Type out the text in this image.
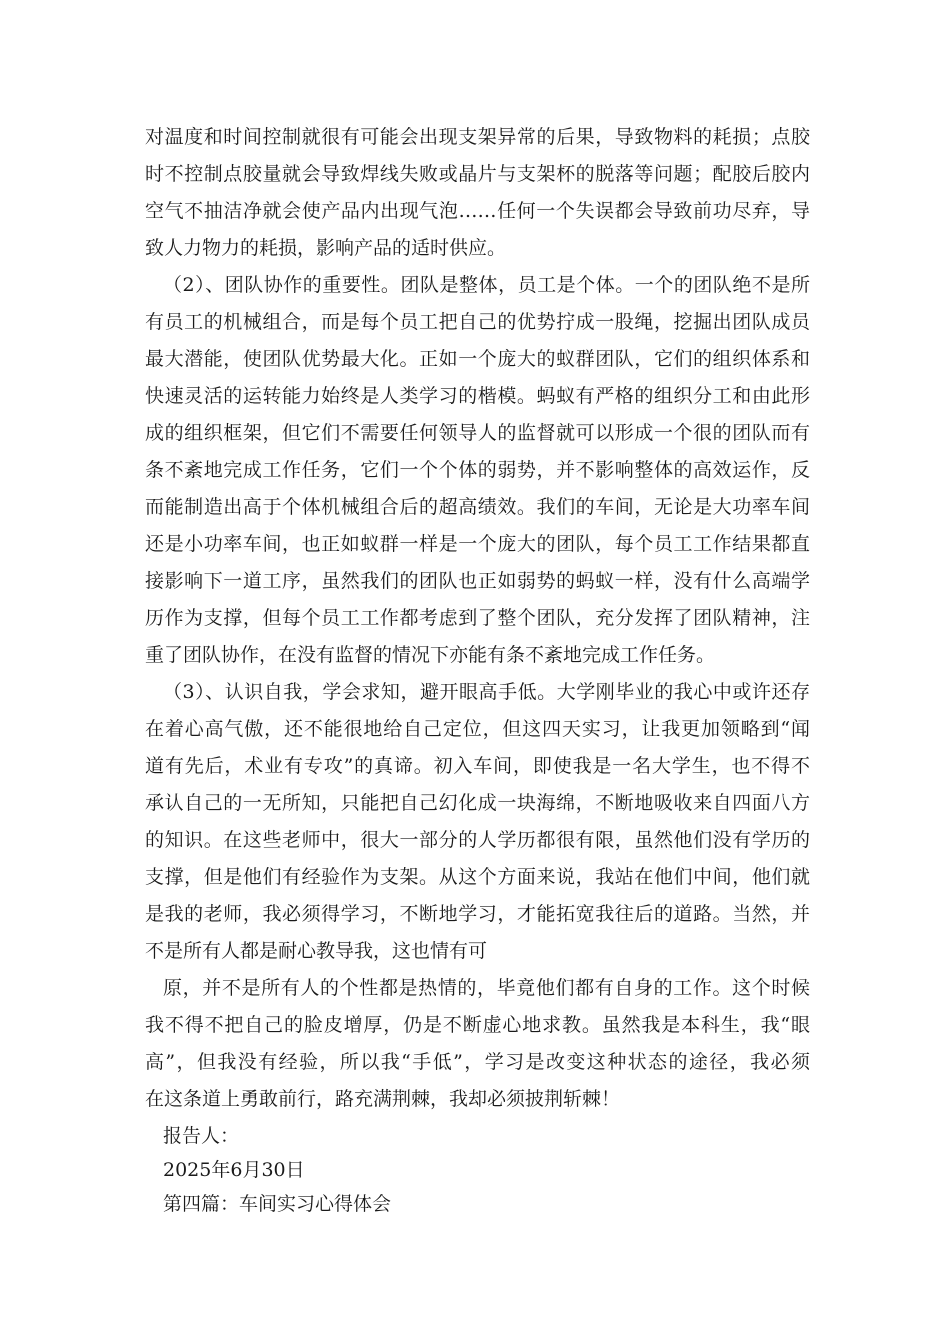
对温度和时间控制就很有可能会出现支架异常的后果，导致物料的耗损；点胶
时不控制点胶量就会导致焊线失败或晶片与支架杯的脱落等问题；配胶后胶内
空气不抽洁净就会使产品内出现气泡……任何一个失误都会导致前功尽弃，导
致人力物力的耗损，影响产品的适时供应。
（2）、团队协作的重要性。团队是整体，员工是个体。一个的团队绝不是所
有员工的机械组合，而是每个员工把自己的优势拧成一股绳，挖掘出团队成员
最大潜能，使团队优势最大化。正如一个庞大的蚁群团队，它们的组织体系和
快速灵活的运转能力始终是人类学习的楷模。蚂蚁有严格的组织分工和由此形
成的组织框架，但它们不需要任何领导人的监督就可以形成一个很的团队而有
条不紊地完成工作任务，它们一个个体的弱势，并不影响整体的高效运作，反
而能制造出高于个体机械组合后的超高绩效。我们的车间，无论是大功率车间
还是小功率车间，也正如蚁群一样是一个庞大的团队，每个员工工作结果都直
接影响下一道工序，虽然我们的团队也正如弱势的蚂蚁一样，没有什么高端学
历作为支撑，但每个员工工作都考虑到了整个团队，充分发挥了团队精神，注
重了团队协作，在没有监督的情况下亦能有条不紊地完成工作任务。
（3）、认识自我，学会求知，避开眼高手低。大学刚毕业的我心中或许还存
在着心高气傲，还不能很地给自己定位，但这四天实习，让我更加领略到“闻
道有先后，术业有专攻”的真谛。初入车间，即使我是一名大学生，也不得不
承认自己的一无所知，只能把自己幻化成一块海绵，不断地吸收来自四面八方
的知识。在这些老师中，很大一部分的人学历都很有限，虽然他们没有学历的
支撑，但是他们有经验作为支架。从这个方面来说，我站在他们中间，他们就
是我的老师，我必须得学习，不断地学习，才能拓宽我往后的道路。当然，并
不是所有人都是耐心教导我，这也情有可
原，并不是所有人的个性都是热情的，毕竟他们都有自身的工作。这个时候
我不得不把自己的脸皮增厚，仍是不断虚心地求教。虽然我是本科生，我“眼
高”，但我没有经验，所以我“手低”，学习是改变这种状态的途径，我必须
在这条道上勇敢前行，路充满荆棘，我却必须披荆斩棘！
报告人：
2025年6月30日
第四篇：车间实习心得体会
